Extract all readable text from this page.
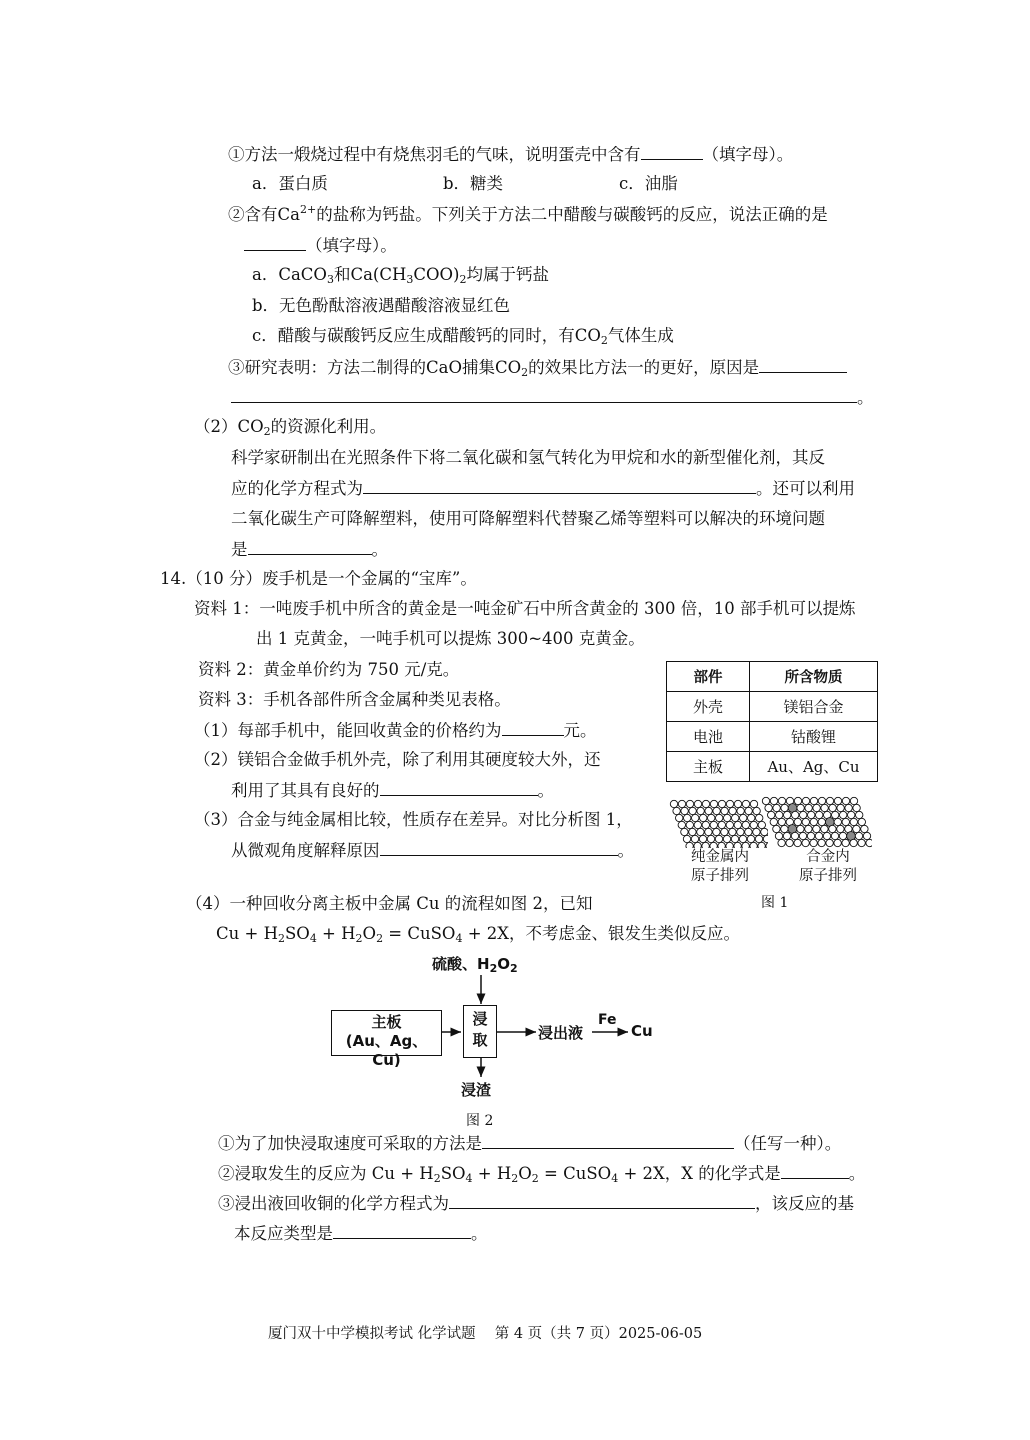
①方法一煅烧过程中有烧焦羽毛的气味，说明蛋壳中含有	（填字母）。
a．蛋白质	b．糖类	c．油脂
②含有$Ca^{2+}$的盐称为钙盐。下列关于方法二中醋酸与碳酸钙的反应，说法正确的是
（填字母）。
a．CaCO$_3$和$Ca(CH_3COO)_2$均属于钙盐
b．无色酚酞溶液遇醋酸溶液显红色
c．醋酸与碳酸钙反应生成醋酸钙的同时，有$CO_2$气体生成
③研究表明：方法二制得的CaO捕集$CO_2$的效果比方法一的更好，原因是
。
$(2)CO_2$的资源化利用。
科学家研制出在光照条件下将二氧化碳和氢气转化为甲烷和水的新型催化剂，其反
应的化学方程式为	。还可以利用
二氧化碳生产可降解塑料，使用可降解塑料代替聚乙烯等塑料可以解决的环境问题
是	。
14.（10 分）废手机是一个金属的“宝库”。
资料 1：一吨废手机中所含的黄金是一吨金矿石中所含黄金的 300 倍，10 部手机可以提炼
出 1 克黄金，一吨手机可以提炼 300~400 克黄金。
资料 2：黄金单价约为 750 元/克。
资料 3：手机各部件所含金属种类见表格。
（1）每部手机中，能回收黄金的价格约为	元。
（2）镁铝合金做手机外壳，除了利用其硬度较大外，还
利用了其具有良好的	。
（3）合金与纯金属相比较，性质存在差异。对比分析图 1，
从微观角度解释原因	。
部件	所含物质
外壳	镁铝合金
电池	钴酸锂
主板	Au、Ag、Cu
纯金属内
原子排列
合金内
原子排列
图 1
（4）一种回收分离主板中金属 Cu 的流程如图 2，已知
$Cu + H_2SO_4 + H_2O_2$ = CuSO$_4$ + 2X，不考虑金、银发生类似反应。
硫酸、$H_2O_2$
主板
(Au、Ag、Cu)
浸
取	浸出液
Fe
Cu
浸渣
图 2
①为了加快浸取速度可采取的方法是	（任写一种）。
②浸取发生的反应为 $Cu + H_2SO_4 + H_2O_2$ = CuSO$_4$ + 2X，X 的化学式是	。
③浸出液回收铜的化学方程式为	，该反应的基
本反应类型是	。
厦门双十中学模拟考试 化学试题　 第 4 页（共 7 页）2025-06-05
